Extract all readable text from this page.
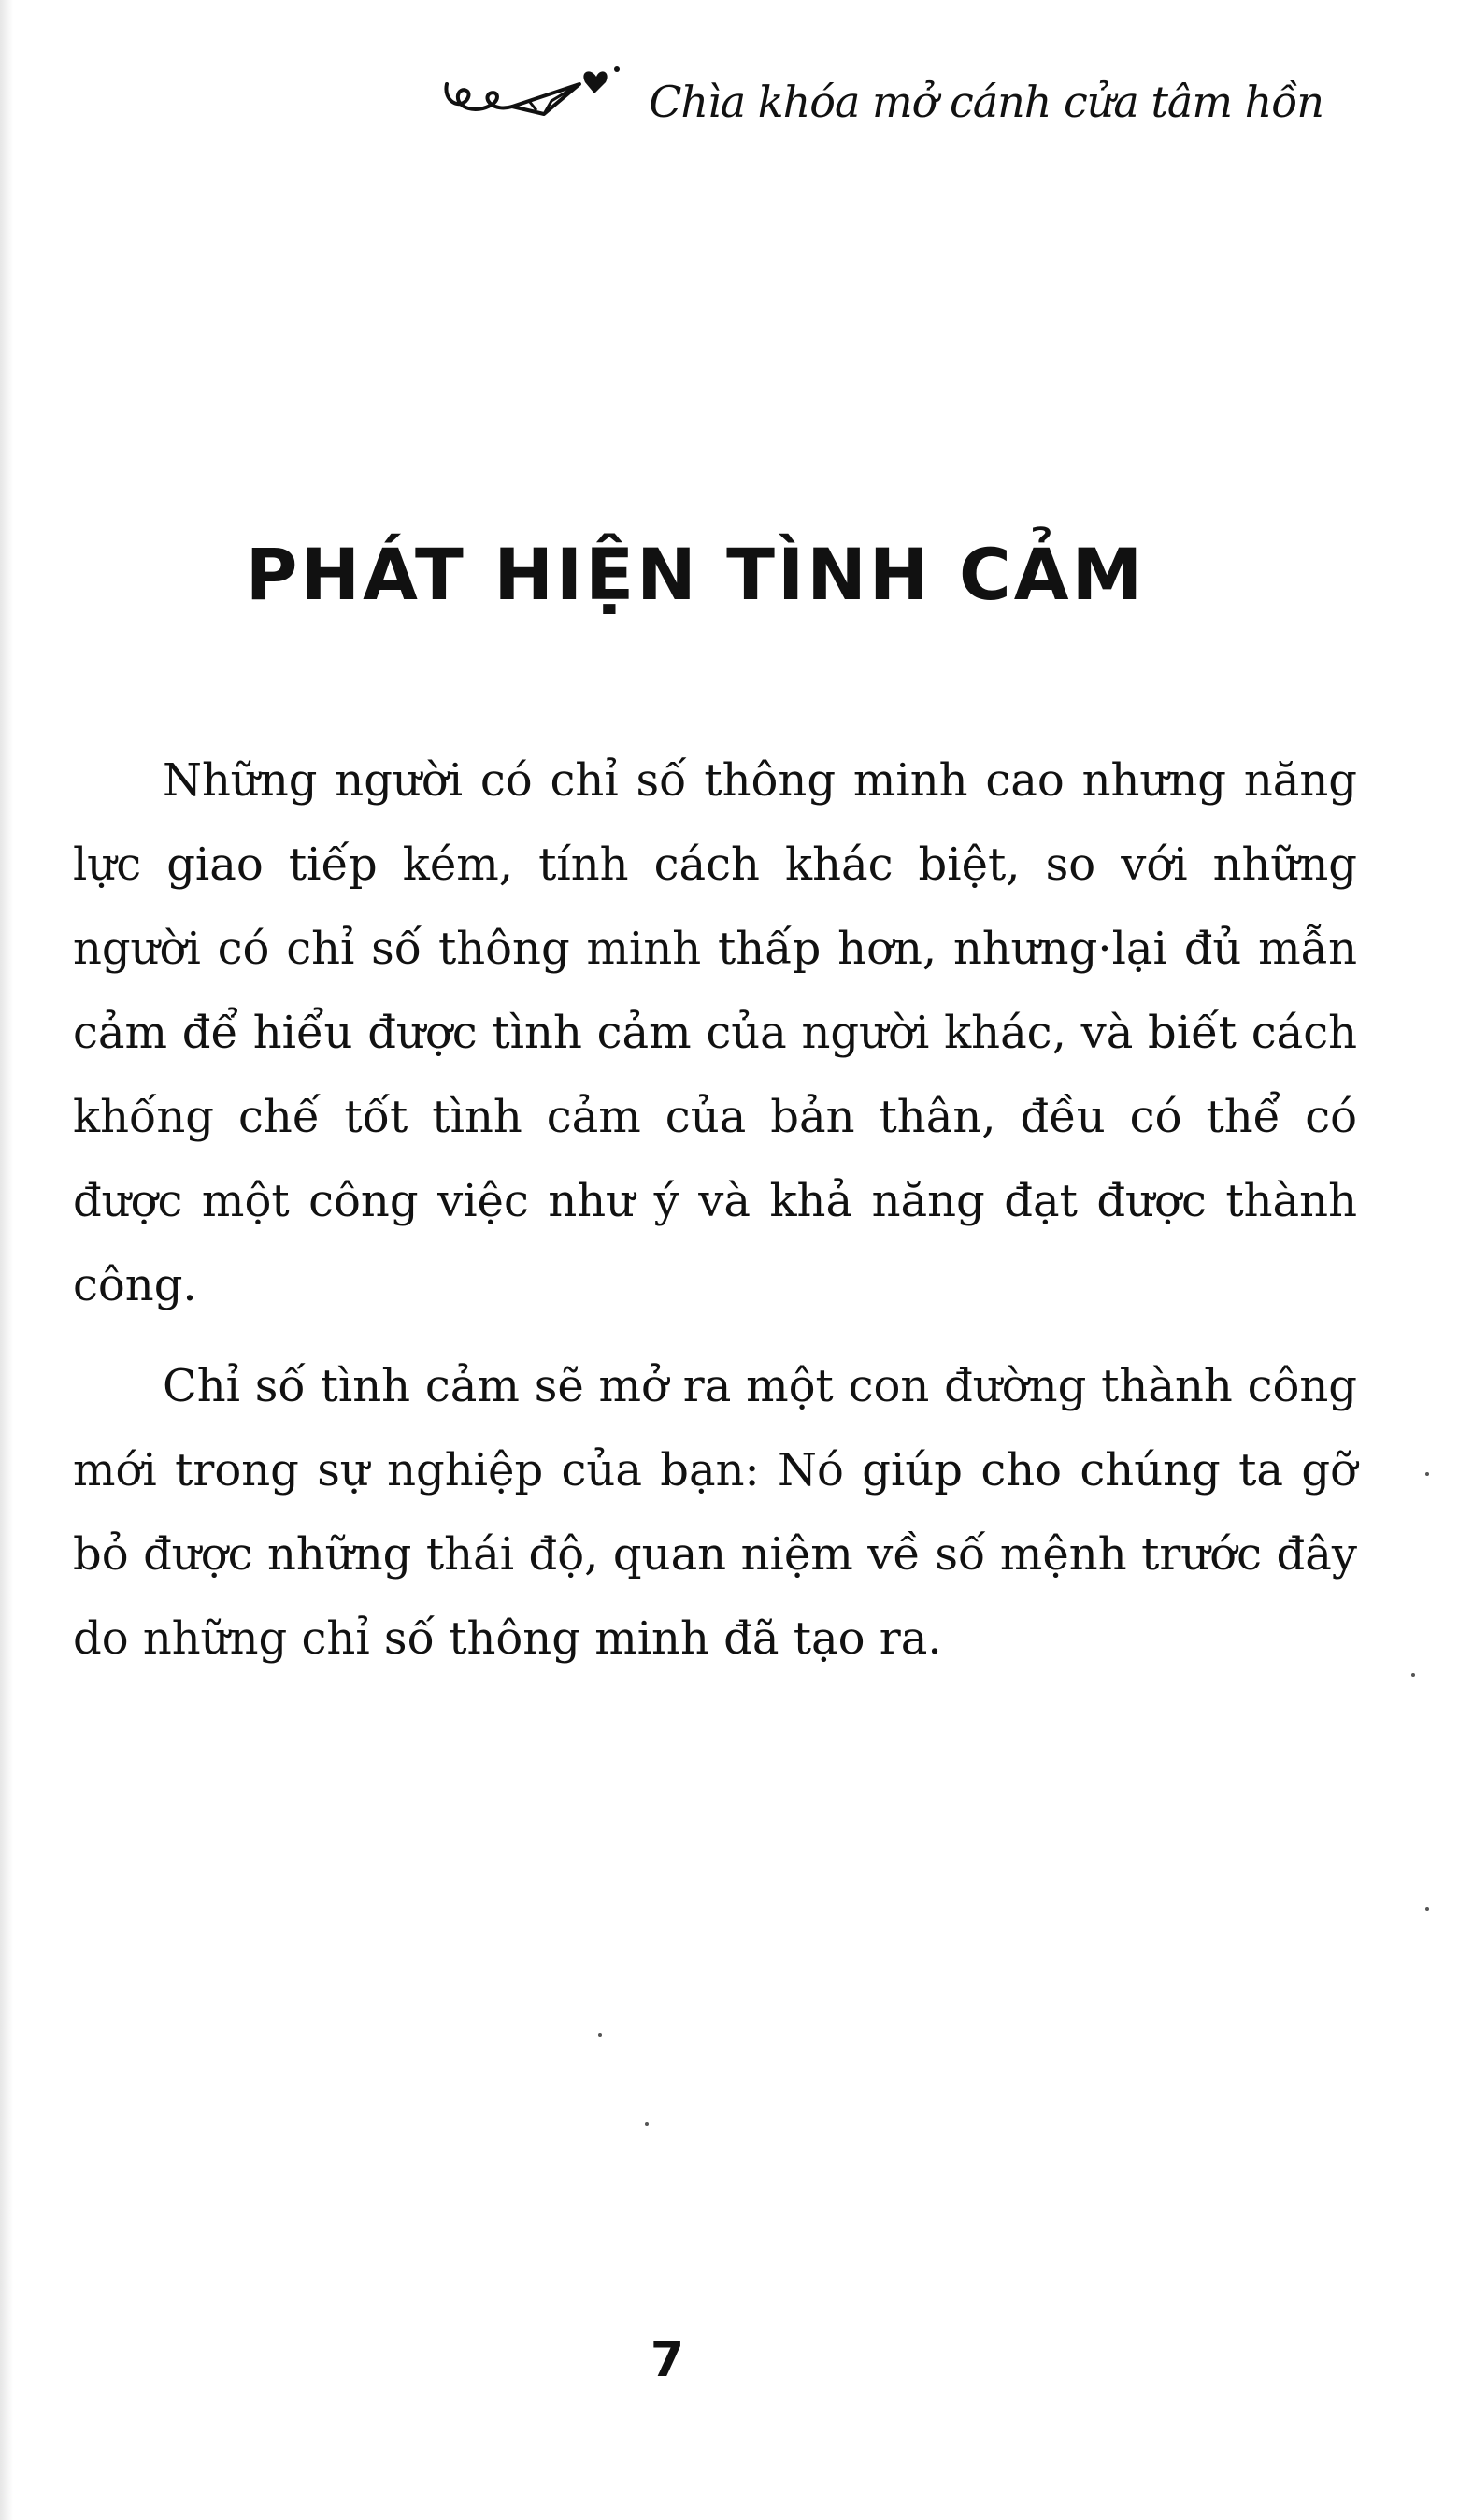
Chìa khóa mở cánh cửa tâm hồn
PHÁT HIỆN TÌNH CẢM

Những người có chỉ số thông minh cao nhưng năng lực giao tiếp kém, tính cách khác biệt, so với những người có chỉ số thông minh thấp hơn, nhưng·lại đủ mẫn cảm để hiểu được tình cảm của người khác, và biết cách khống chế tốt tình cảm của bản thân, đều có thể có được một công việc như ý và khả năng đạt được thành công.

Chỉ số tình cảm sẽ mở ra một con đường thành công mới trong sự nghiệp của bạn: Nó giúp cho chúng ta gỡ bỏ được những thái độ, quan niệm về số mệnh trước đây do những chỉ số thông minh đã tạo ra.

7
